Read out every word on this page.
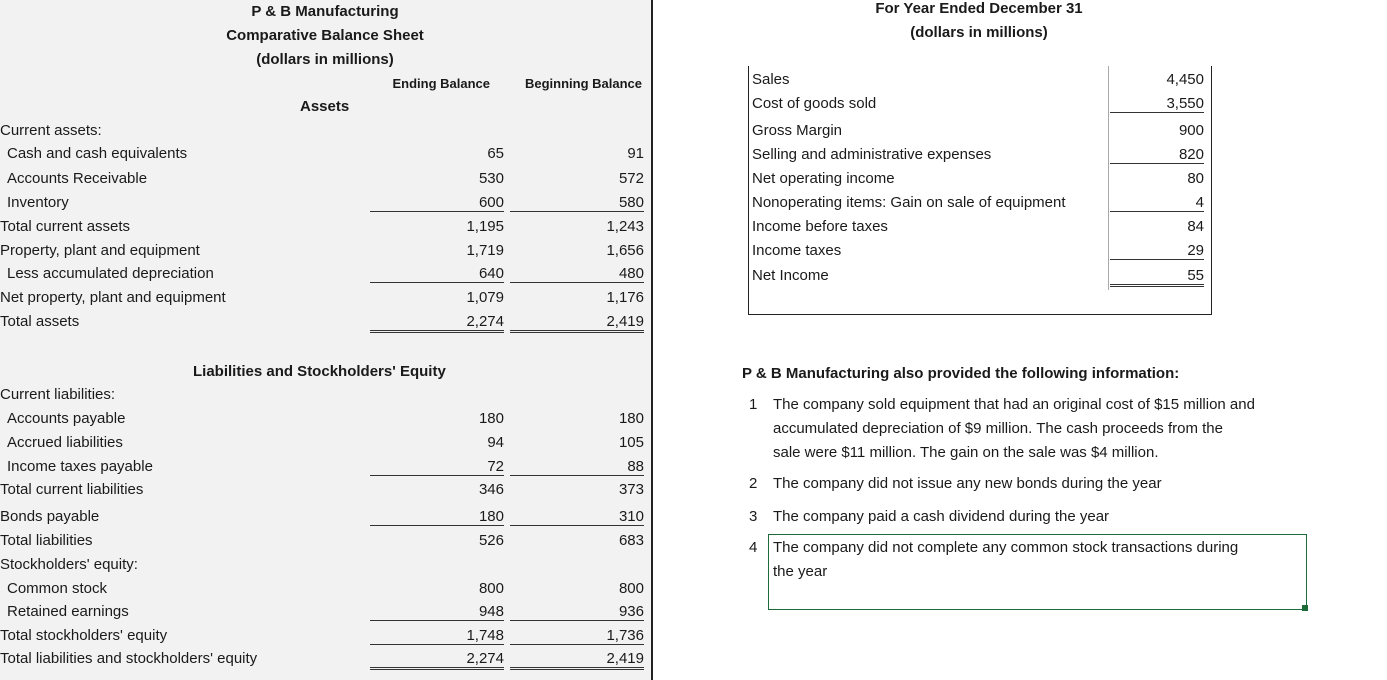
P & B Manufacturing
Comparative Balance Sheet
(dollars in millions)
Ending Balance	Beginning Balance
Assets
Current assets:
Cash and cash equivalents	65	91
Accounts Receivable	530	572
Inventory	600	580
Total current assets	1,195	1,243
Property, plant and equipment	1,719	1,656
Less accumulated depreciation	640	480
Net property, plant and equipment	1,079	1,176
Total assets	2,274	2,419
Liabilities and Stockholders' Equity
Current liabilities:
Accounts payable	180	180
Accrued liabilities	94	105
Income taxes payable	72	88
Total current liabilities	346	373
Bonds payable	180	310
Total liabilities	526	683
Stockholders' equity:
Common stock	800	800
Retained earnings	948	936
Total stockholders' equity	1,748	1,736
Total liabilities and stockholders' equity	2,274	2,419
For Year Ended December 31
(dollars in millions)
Sales	4,450
Cost of goods sold	3,550
Gross Margin	900
Selling and administrative expenses	820
Net operating income	80
Nonoperating items: Gain on sale of equipment	4
Income before taxes	84
Income taxes	29
Net Income	55
P & B Manufacturing also provided the following information:
1 The company sold equipment that had an original cost of $15 million and
accumulated depreciation of $9 million. The cash proceeds from the
sale were $11 million. The gain on the sale was $4 million.
2 The company did not issue any new bonds during the year
3 The company paid a cash dividend during the year
4 The company did not complete any common stock transactions during
the year
